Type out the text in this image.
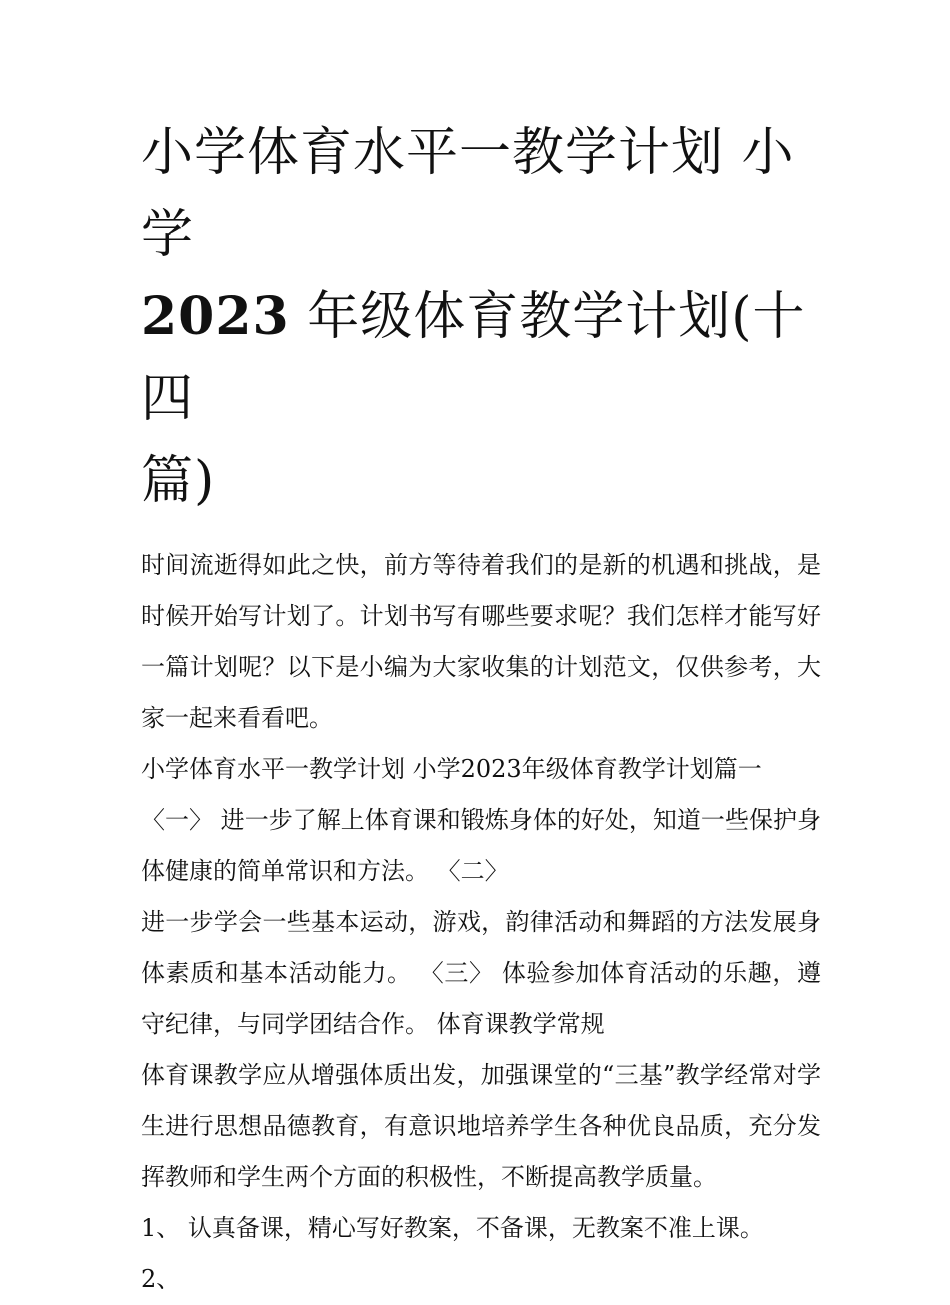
小学体育水平一教学计划 小学
2023 年级体育教学计划(十四
篇)

时间流逝得如此之快，前方等待着我们的是新的机遇和挑战，是时候开始写计划了。计划书写有哪些要求呢？我们怎样才能写好一篇计划呢？以下是小编为大家收集的计划范文，仅供参考，大家一起来看看吧。

小学体育水平一教学计划 小学2023年级体育教学计划篇一

〈一〉 进一步了解上体育课和锻炼身体的好处，知道一些保护身体健康的简单常识和方法。 〈二〉

进一步学会一些基本运动，游戏，韵律活动和舞蹈的方法发展身体素质和基本活动能力。 〈三〉 体验参加体育活动的乐趣，遵守纪律，与同学团结合作。 体育课教学常规

体育课教学应从增强体质出发，加强课堂的“三基”教学经常对学生进行思想品德教育，有意识地培养学生各种优良品质，充分发挥教师和学生两个方面的积极性，不断提高教学质量。

1、 认真备课，精心写好教案，不备课，无教案不准上课。

2、
